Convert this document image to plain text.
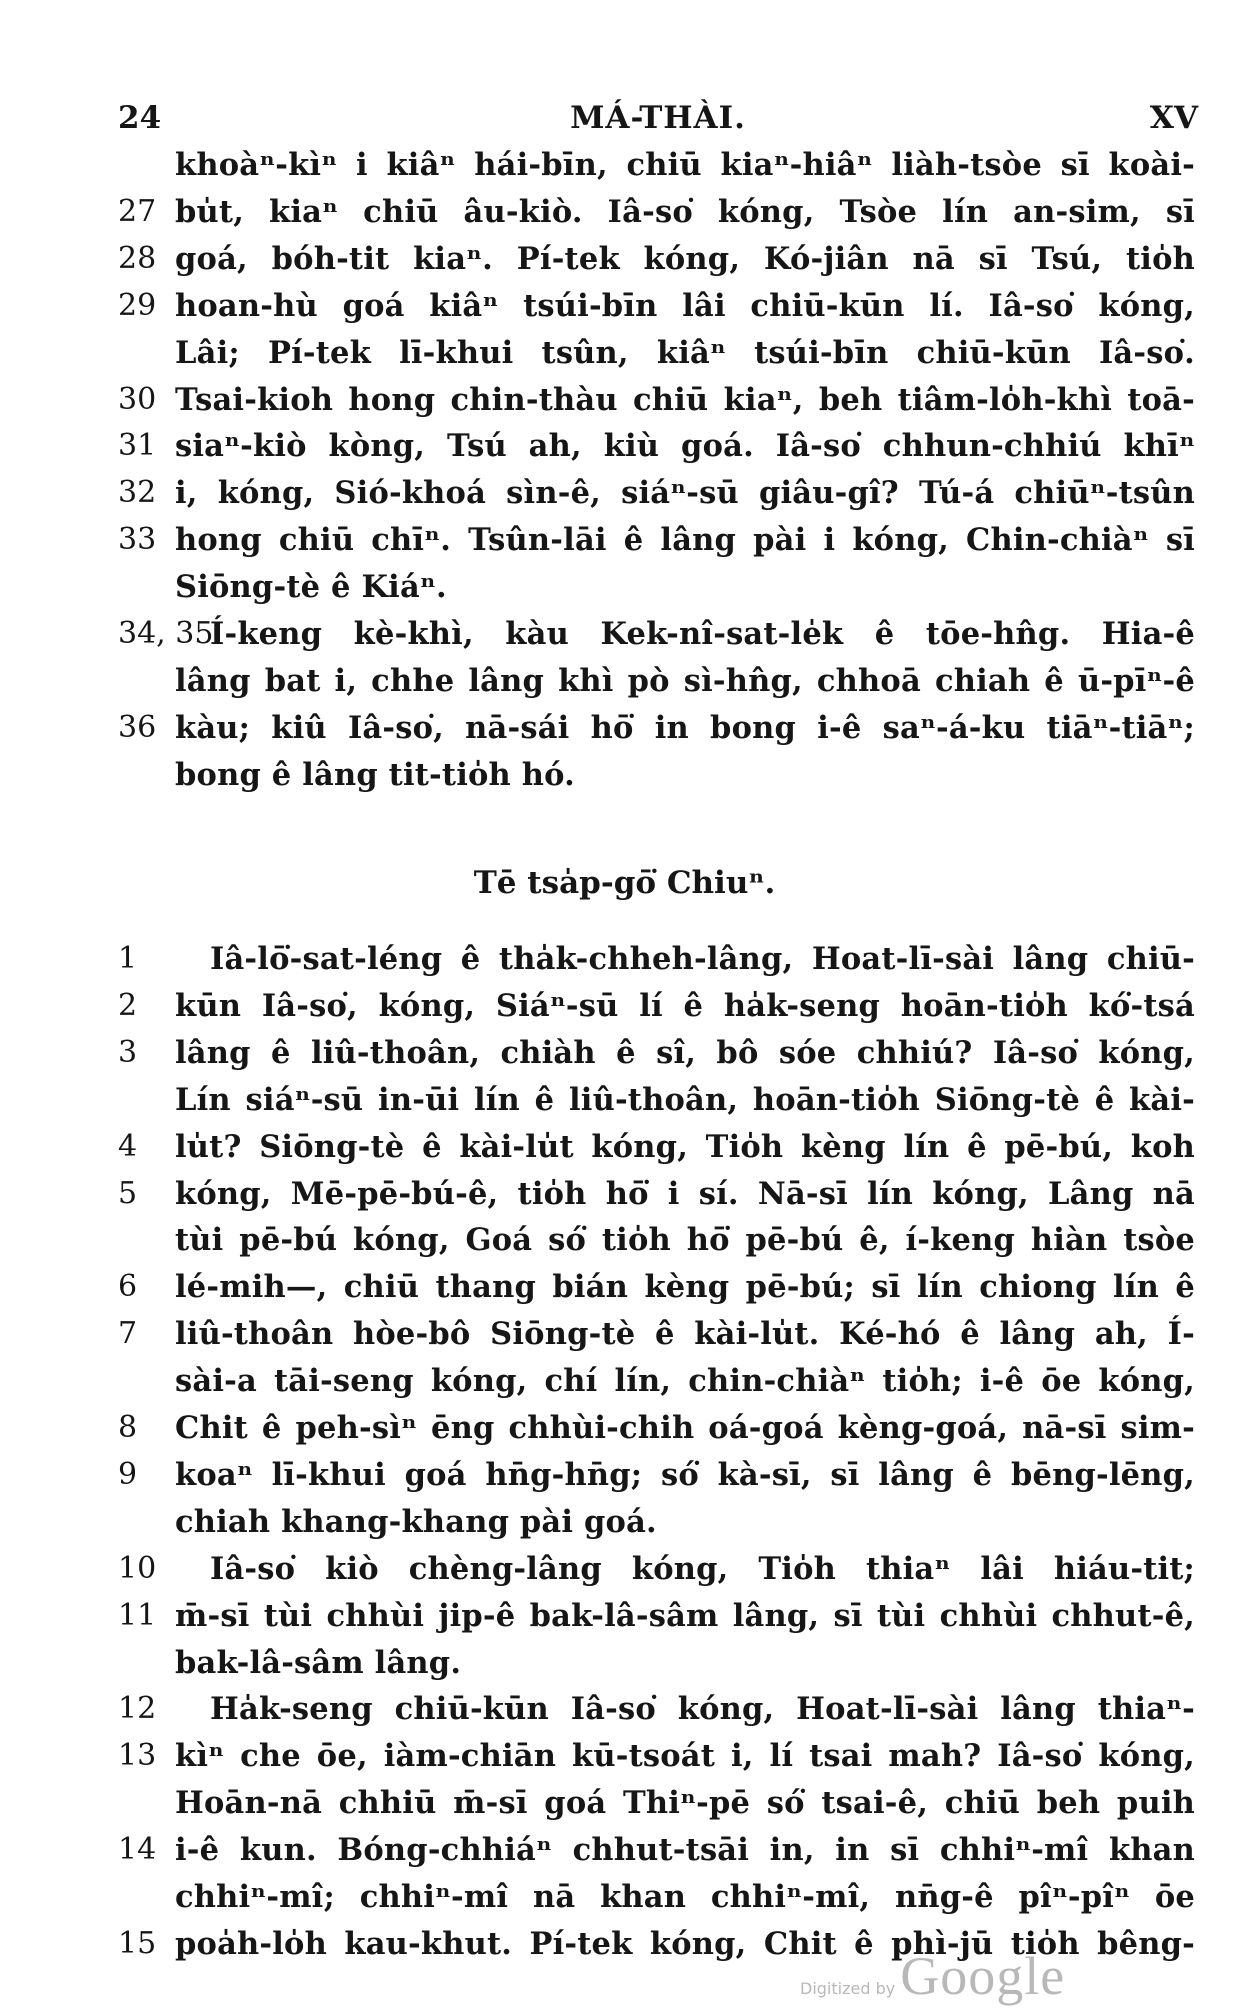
24	MÁ-THÀI.	XV
khoàⁿ-kìⁿ i kiâⁿ hái-bīn, chiū kiaⁿ-hiâⁿ liàh-tsòe sī koài-
27 bu̍t, kiaⁿ chiū âu-kiò. Iâ-so͘ kóng, Tsòe lín an-sim, sī
28 goá, bóh-tit kiaⁿ. Pí-tek kóng, Kó-jiân nā sī Tsú, tio̍h
29 hoan-hù goá kiâⁿ tsúi-bīn lâi chiū-kūn lí. Iâ-so͘ kóng,
Lâi; Pí-tek lī-khui tsûn, kiâⁿ tsúi-bīn chiū-kūn Iâ-so͘.
30 Tsai-kioh hong chin-thàu chiū kiaⁿ, beh tiâm-lo̍h-khì toā-
31 siaⁿ-kiò kòng, Tsú ah, kiù goá. Iâ-so͘ chhun-chhiú khīⁿ
32 i, kóng, Sió-khoá sìn-ê, siáⁿ-sū giâu-gî? Tú-á chiūⁿ-tsûn
33 hong chiū chīⁿ. Tsûn-lāi ê lâng pài i kóng, Chin-chiàⁿ sī
Siōng-tè ê Kiáⁿ.
34, 35
Í-keng kè-khì, kàu Kek-nî-sat-le̍k ê tōe-hn̂g. Hia-ê
lâng bat i, chhe lâng khì pò sì-hn̂g, chhoā chiah ê ū-pīⁿ-ê
36 kàu; kiû Iâ-so͘, nā-sái hō͘ in bong i-ê saⁿ-á-ku tiāⁿ-tiāⁿ;
bong ê lâng tit-tio̍h hó.
Tē tsa̍p-gō͘ Chiuⁿ.
1 Iâ-lō͘-sat-léng ê tha̍k-chheh-lâng, Hoat-lī-sài lâng chiū-
2 kūn Iâ-so͘, kóng, Siáⁿ-sū lí ê ha̍k-seng hoān-tio̍h kó͘-tsá
3 lâng ê liû-thoân, chiàh ê sî, bô sóe chhiú? Iâ-so͘ kóng,
Lín siáⁿ-sū in-ūi lín ê liû-thoân, hoān-tio̍h Siōng-tè ê kài-
4 lu̍t? Siōng-tè ê kài-lu̍t kóng, Tio̍h kèng lín ê pē-bú, koh
5 kóng, Mē-pē-bú-ê, tio̍h hō͘ i sí. Nā-sī lín kóng, Lâng nā
tùi pē-bú kóng, Goá só͘ tio̍h hō͘ pē-bú ê, í-keng hiàn tsòe
6 lé-mih—, chiū thang bián kèng pē-bú; sī lín chiong lín ê
7 liû-thoân hòe-bô Siōng-tè ê kài-lu̍t. Ké-hó ê lâng ah, Í-
sài-a tāi-seng kóng, chí lín, chin-chiàⁿ tio̍h; i-ê ōe kóng,
8 Chit ê peh-sìⁿ ēng chhùi-chih oá-goá kèng-goá, nā-sī sim-
9 koaⁿ lī-khui goá hn̄g-hn̄g; só͘ kà-sī, sī lâng ê bēng-lēng,
chiah khang-khang pài goá.
10 Iâ-so͘ kiò chèng-lâng kóng, Tio̍h thiaⁿ lâi hiáu-tit;
11 m̄-sī tùi chhùi jip-ê bak-lâ-sâm lâng, sī tùi chhùi chhut-ê,
bak-lâ-sâm lâng.
12 Ha̍k-seng chiū-kūn Iâ-so͘ kóng, Hoat-lī-sài lâng thiaⁿ-
13 kìⁿ che ōe, iàm-chiān kū-tsoát i, lí tsai mah? Iâ-so͘ kóng,
Hoān-nā chhiū m̄-sī goá Thiⁿ-pē só͘ tsai-ê, chiū beh puih
14 i-ê kun. Bóng-chhiáⁿ chhut-tsāi in, in sī chhiⁿ-mî khan
chhiⁿ-mî; chhiⁿ-mî nā khan chhiⁿ-mî, nn̄g-ê pîⁿ-pîⁿ ōe
15 poa̍h-lo̍h kau-khut. Pí-tek kóng, Chit ê phì-jū tio̍h bêng-
Digitized by Google
